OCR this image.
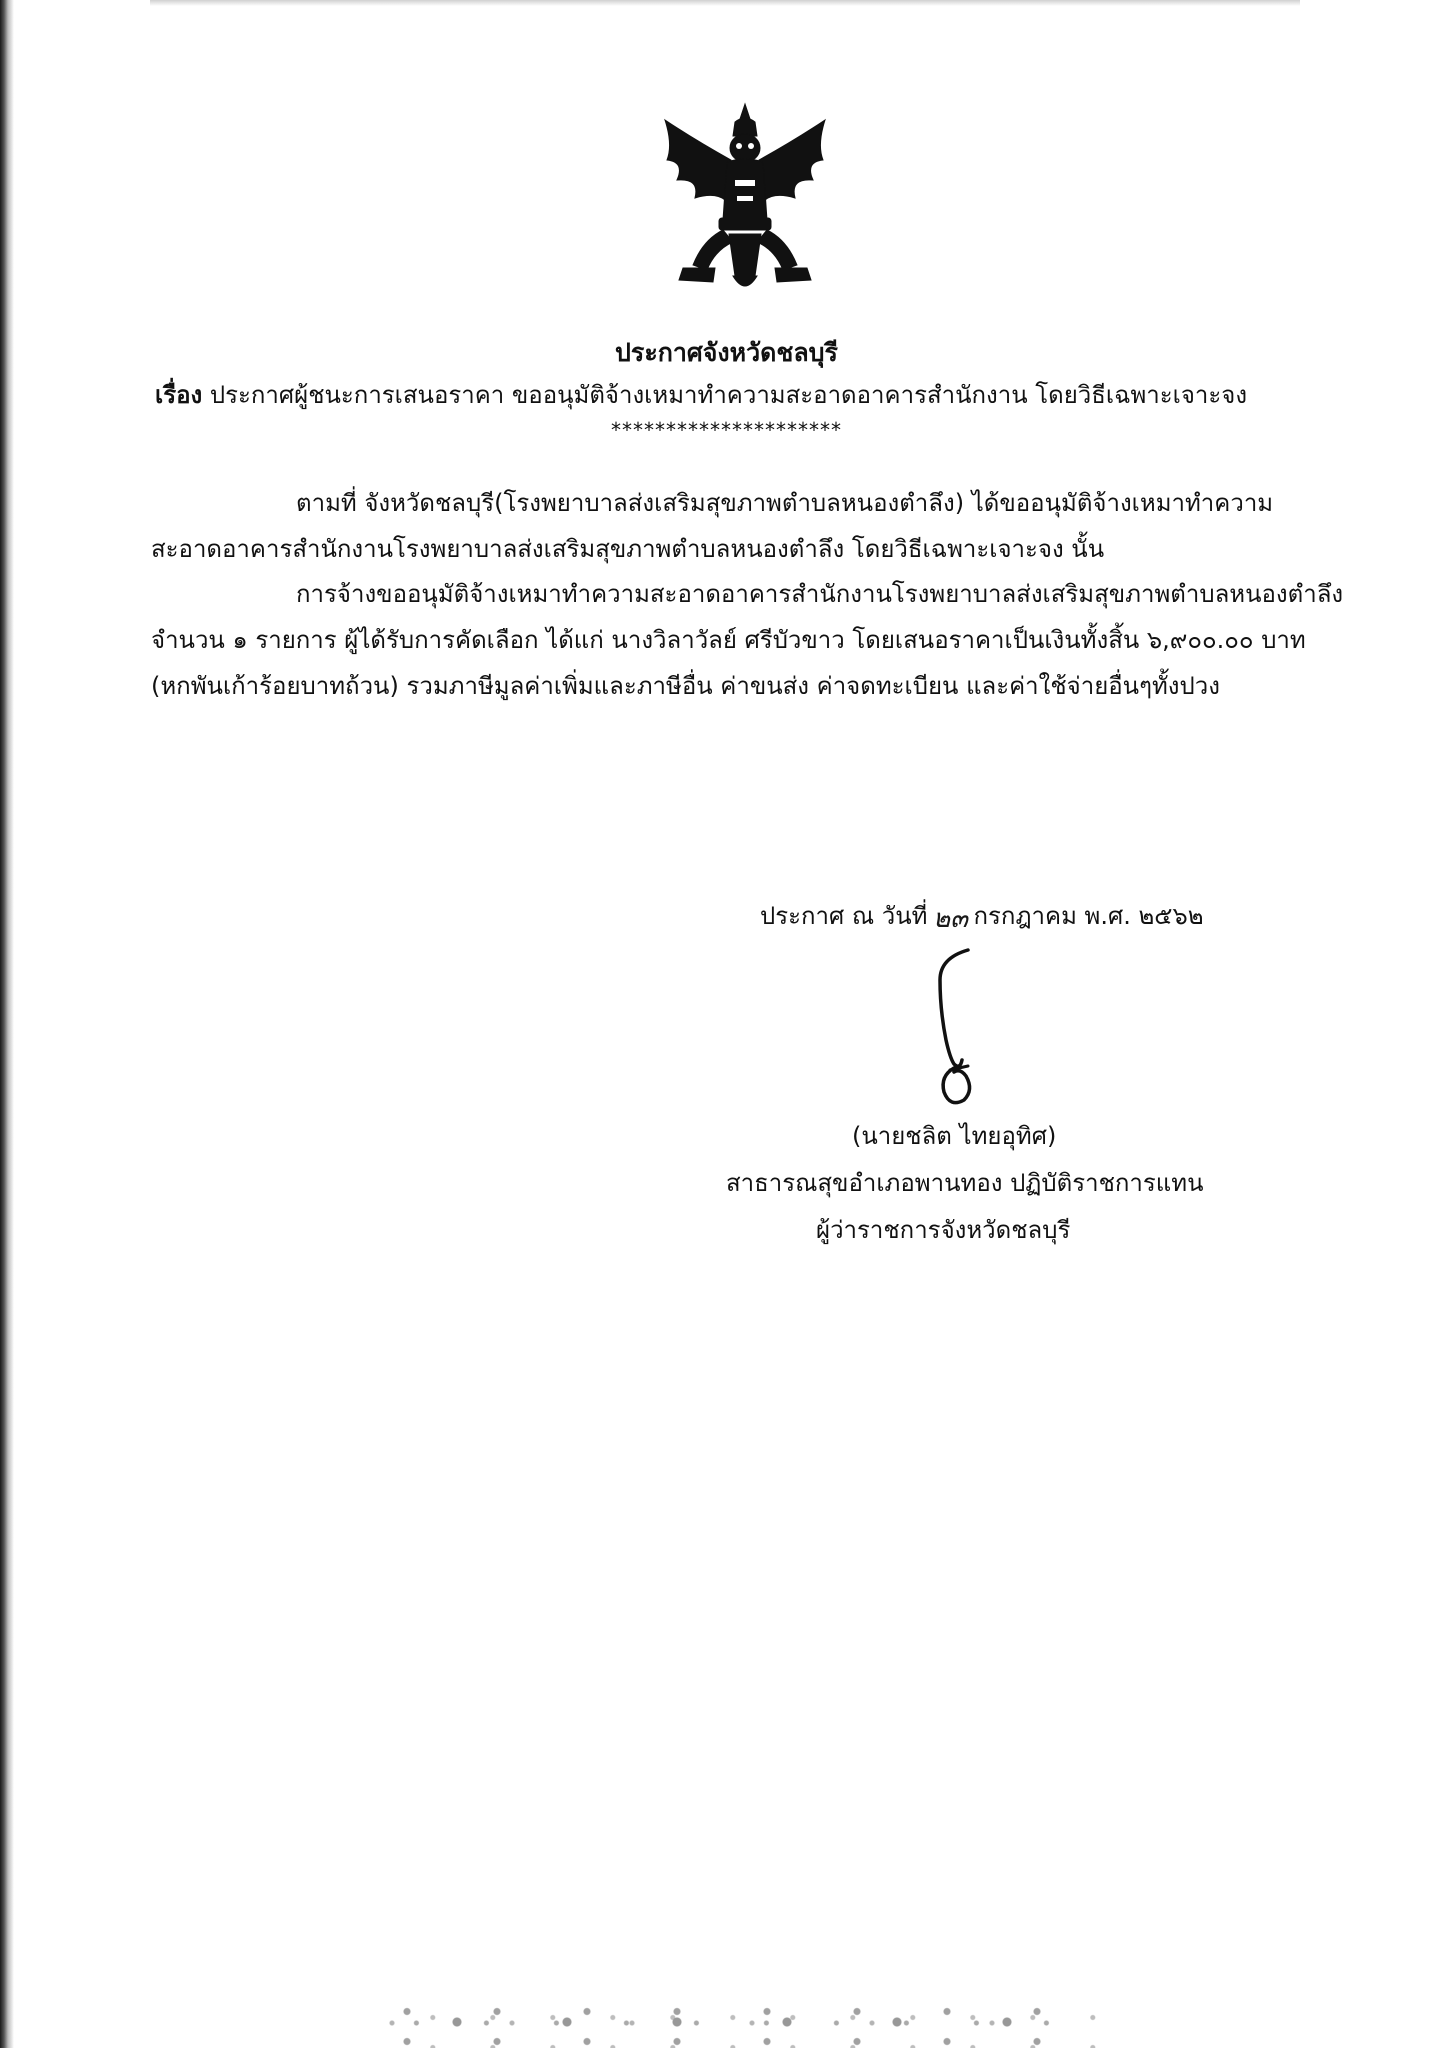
ประกาศจังหวัดชลบุรี
เรื่อง ประกาศผู้ชนะการเสนอราคา ขออนุมัติจ้างเหมาทำความสะอาดอาคารสำนักงาน โดยวิธีเฉพาะเจาะจง
*********************
ตามที่ จังหวัดชลบุรี(โรงพยาบาลส่งเสริมสุขภาพตำบลหนองตำลึง) ได้ขออนุมัติจ้างเหมาทำความ
สะอาดอาคารสำนักงานโรงพยาบาลส่งเสริมสุขภาพตำบลหนองตำลึง โดยวิธีเฉพาะเจาะจง นั้น
การจ้างขออนุมัติจ้างเหมาทำความสะอาดอาคารสำนักงานโรงพยาบาลส่งเสริมสุขภาพตำบลหนองตำลึง
จำนวน ๑ รายการ ผู้ได้รับการคัดเลือก ได้แก่ นางวิลาวัลย์ ศรีบัวขาว โดยเสนอราคาเป็นเงินทั้งสิ้น ๖,๙๐๐.๐๐ บาท
(หกพันเก้าร้อยบาทถ้วน) รวมภาษีมูลค่าเพิ่มและภาษีอื่น ค่าขนส่ง ค่าจดทะเบียน และค่าใช้จ่ายอื่นๆทั้งปวง
ประกาศ ณ วันที่ กรกฎาคม พ.ศ. ๒๕๖๒
๒๓
(นายชลิต ไทยอุทิศ)
สาธารณสุขอำเภอพานทอง ปฏิบัติราชการแทน
ผู้ว่าราชการจังหวัดชลบุรี
